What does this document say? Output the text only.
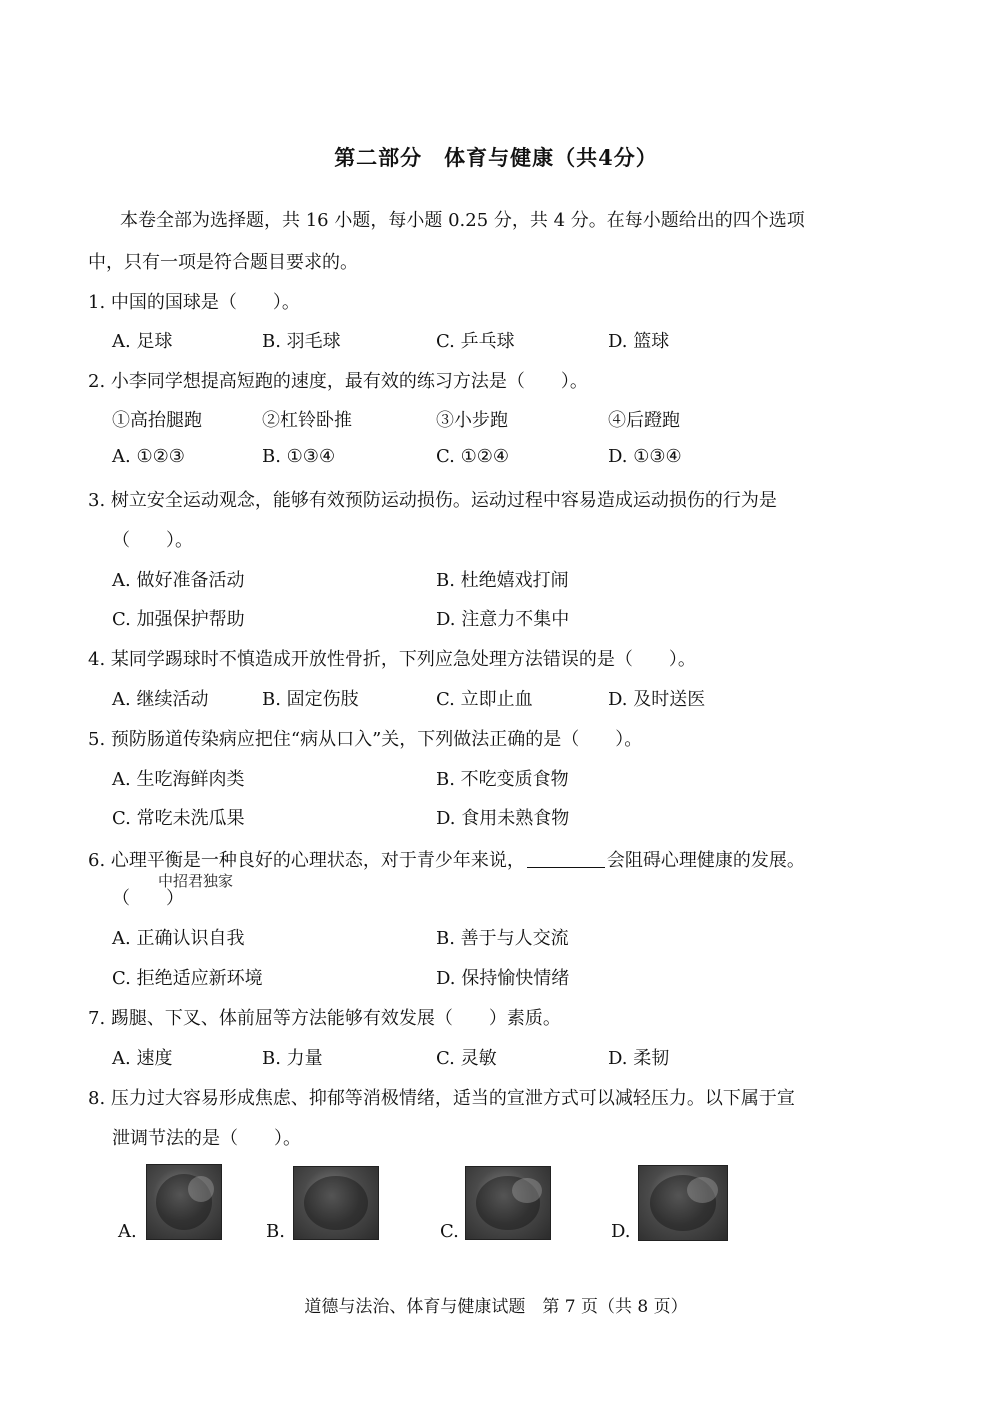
第二部分　体育与健康（共4分）
本卷全部为选择题，共 16 小题，每小题 0.25 分，共 4 分。在每小题给出的四个选项
中，只有一项是符合题目要求的。
1. 中国的国球是（　　）。
A. 足球	B. 羽毛球	C. 乒乓球	D. 篮球
2. 小李同学想提高短跑的速度，最有效的练习方法是（　　）。
①高抬腿跑	②杠铃卧推	③小步跑	④后蹬跑
A. ①②③	B. ①③④	C. ①②④	D. ①③④
3. 树立安全运动观念，能够有效预防运动损伤。运动过程中容易造成运动损伤的行为是
（　　）。
A. 做好准备活动	B. 杜绝嬉戏打闹
C. 加强保护帮助	D. 注意力不集中
4. 某同学踢球时不慎造成开放性骨折，下列应急处理方法错误的是（　　）。
A. 继续活动	B. 固定伤肢	C. 立即止血	D. 及时送医
5. 预防肠道传染病应把住“病从口入”关，下列做法正确的是（　　）。
A. 生吃海鲜肉类	B. 不吃变质食物
C. 常吃未洗瓜果	D. 食用未熟食物
6. 心理平衡是一种良好的心理状态，对于青少年来说，	会阻碍心理健康的发展。
中招君独家
（　　）
A. 正确认识自我	B. 善于与人交流
C. 拒绝适应新环境	D. 保持愉快情绪
7. 踢腿、下叉、体前屈等方法能够有效发展（　　）素质。
A. 速度	B. 力量	C. 灵敏	D. 柔韧
8. 压力过大容易形成焦虑、抑郁等消极情绪，适当的宣泄方式可以减轻压力。以下属于宣
泄调节法的是（　　）。
A.	B.	C.	D.
道德与法治、体育与健康试题　第 7 页（共 8 页）
